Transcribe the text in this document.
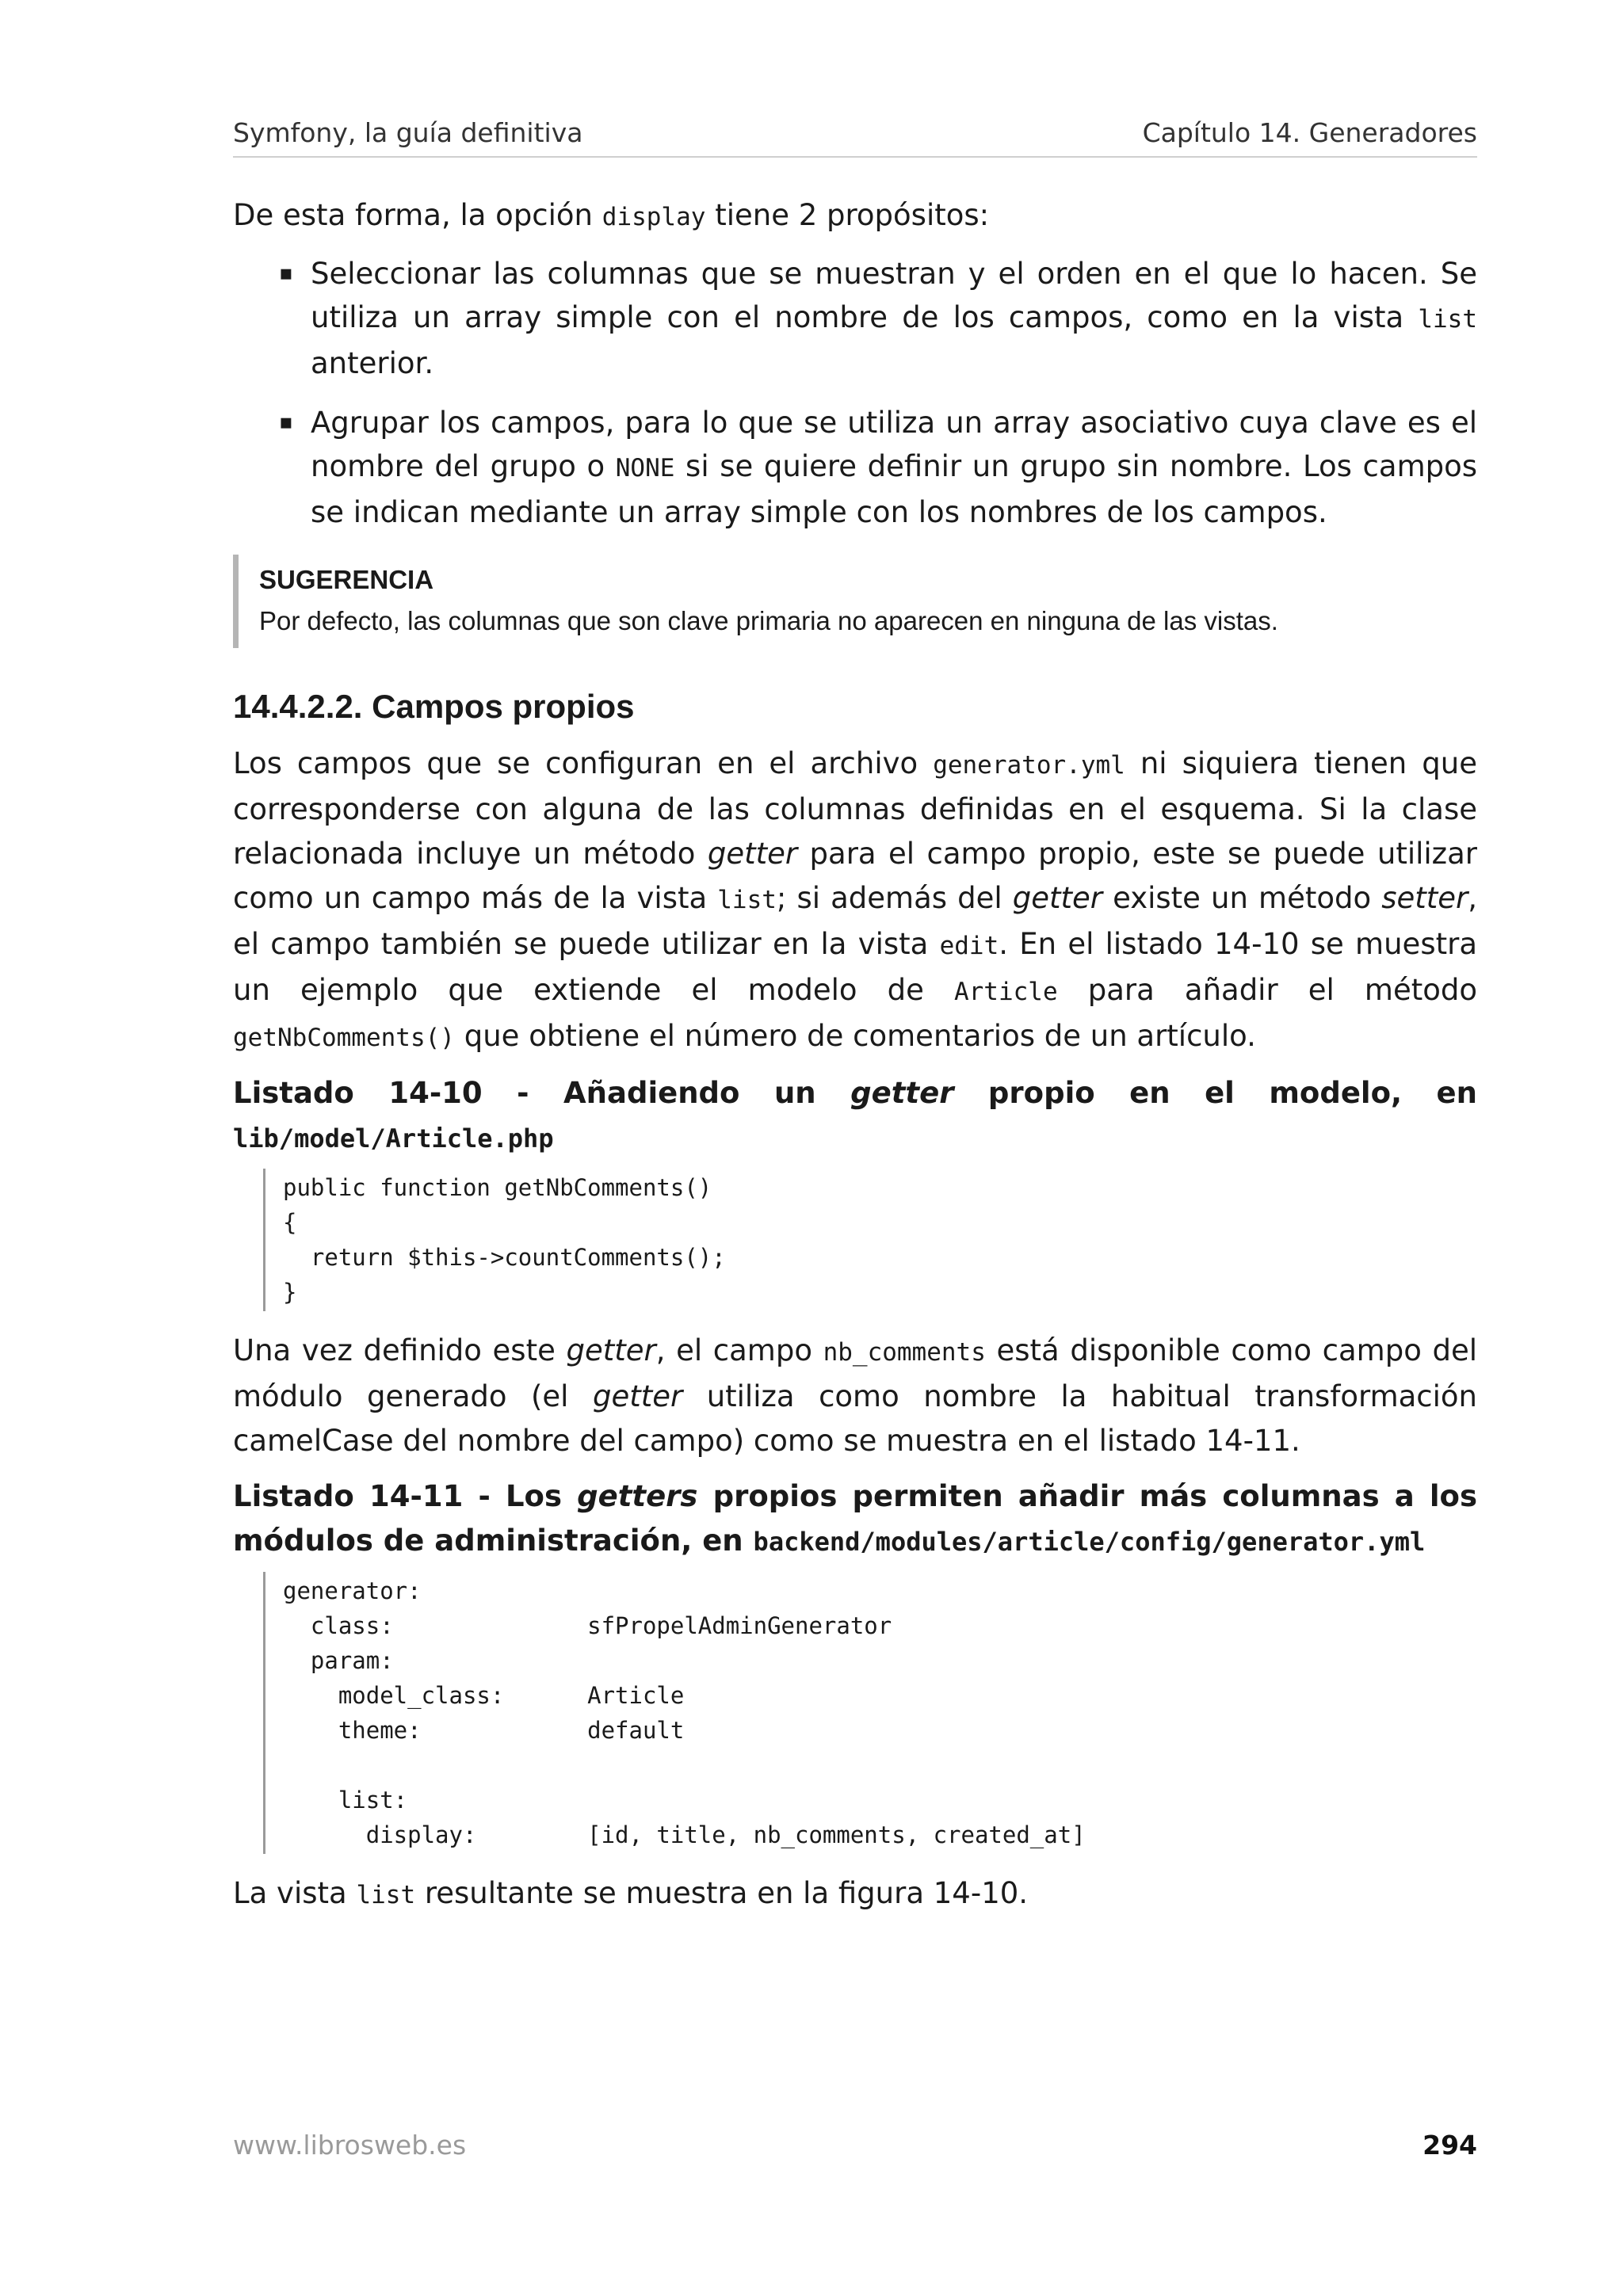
Symfony, la guía definitiva	Capítulo 14. Generadores

De esta forma, la opción display tiene 2 propósitos:

▪ Seleccionar las columnas que se muestran y el orden en el que lo hacen. Se utiliza un array simple con el nombre de los campos, como en la vista list anterior.
▪ Agrupar los campos, para lo que se utiliza un array asociativo cuya clave es el nombre del grupo o NONE si se quiere definir un grupo sin nombre. Los campos se indican mediante un array simple con los nombres de los campos.
SUGERENCIA
Por defecto, las columnas que son clave primaria no aparecen en ninguna de las vistas.
14.4.2.2. Campos propios

Los campos que se configuran en el archivo generator.yml ni siquiera tienen que corresponderse con alguna de las columnas definidas en el esquema. Si la clase relacionada incluye un método getter para el campo propio, este se puede utilizar como un campo más de la vista list; si además del getter existe un método setter, el campo también se puede utilizar en la vista edit. En el listado 14-10 se muestra un ejemplo que extiende el modelo de Article para añadir el método getNbComments() que obtiene el número de comentarios de un artículo.

Listado 14-10 - Añadiendo un getter propio en el modelo, en lib/model/Article.php

public function getNbComments()
{
return $this->countComments();
}

Una vez definido este getter, el campo nb_comments está disponible como campo del módulo generado (el getter utiliza como nombre la habitual transformación camelCase del nombre del campo) como se muestra en el listado 14-11.

Listado 14-11 - Los getters propios permiten añadir más columnas a los módulos de administración, en backend/modules/article/config/generator.yml

generator:
class:              sfPropelAdminGenerator
param:
model_class:      Article
theme:            default
list:
display:        [id, title, nb_comments, created_at]

La vista list resultante se muestra en la figura 14-10.

www.librosweb.es	294
